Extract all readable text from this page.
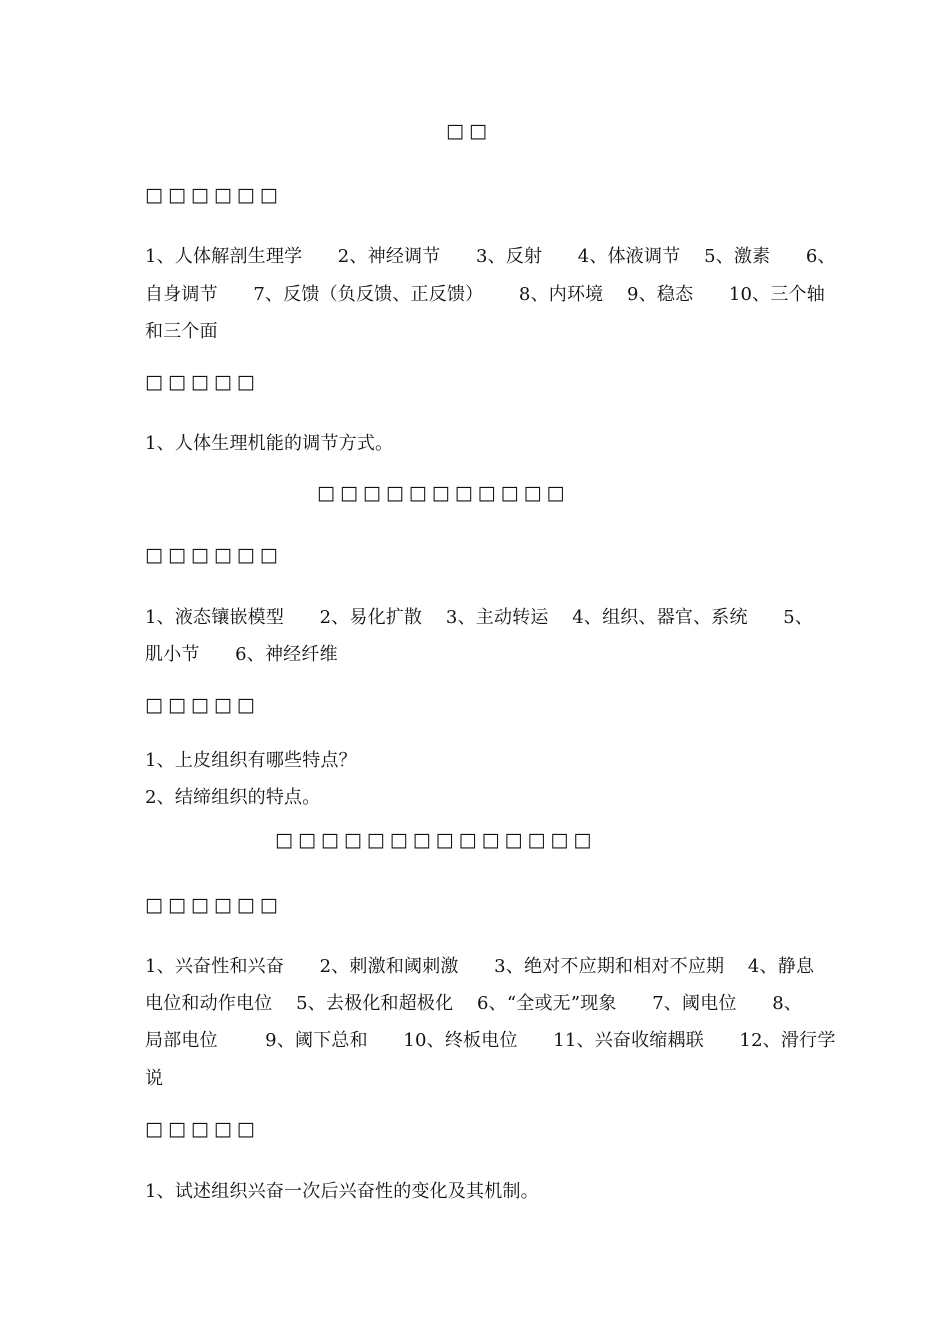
□□
□□□□□□
1、人体解剖生理学      2、神经调节      3、反射      4、体液调节    5、激素      6、
自身调节      7、反馈（负反馈、正反馈）      8、内环境    9、稳态      10、三个轴
和三个面
□□□□□
1、人体生理机能的调节方式。
□□□□□□□□□□□
□□□□□□
1、液态镶嵌模型      2、易化扩散    3、主动转运    4、组织、器官、系统      5、
肌小节      6、神经纤维
□□□□□
1、上皮组织有哪些特点？
2、结缔组织的特点。
□□□□□□□□□□□□□□
□□□□□□
1、兴奋性和兴奋      2、刺激和阈刺激      3、绝对不应期和相对不应期    4、静息
电位和动作电位    5、去极化和超极化    6、“全或无”现象      7、阈电位      8、
局部电位        9、阈下总和      10、终板电位      11、兴奋收缩耦联      12、滑行学
说
□□□□□
1、试述组织兴奋一次后兴奋性的变化及其机制。
